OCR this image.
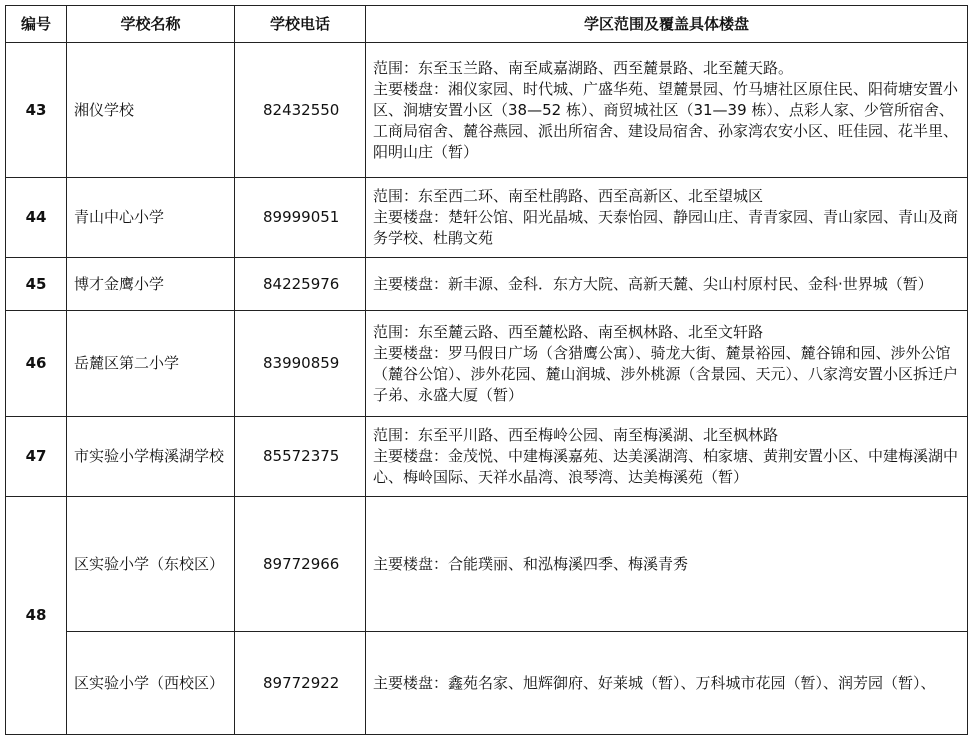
编号	学校名称	学校电话	学区范围及覆盖具体楼盘
43	湘仪学校	82432550	范围：东至玉兰路、南至咸嘉湖路、西至麓景路、北至麓天路。
主要楼盘：湘仪家园、时代城、广盛华苑、望麓景园、竹马塘社区原住民、阳荷塘安置小区、涧塘安置小区（38—52 栋）、商贸城社区（31—39 栋）、点彩人家、少管所宿舍、工商局宿舍、麓谷燕园、派出所宿舍、建设局宿舍、孙家湾农安小区、旺佳园、花半里、阳明山庄（暂）

44	青山中心小学	89999051	范围：东至西二环、南至杜鹃路、西至高新区、北至望城区
主要楼盘：楚轩公馆、阳光晶城、天泰怡园、静园山庄、青青家园、青山家园、青山及商务学校、杜鹃文苑

45	博才金鹰小学	84225976	主要楼盘：新丰源、金科．东方大院、高新天麓、尖山村原村民、金科·世界城（暂）

46	岳麓区第二小学	83990859	范围：东至麓云路、西至麓松路、南至枫林路、北至文轩路
主要楼盘：罗马假日广场（含猎鹰公寓）、骑龙大街、麓景裕园、麓谷锦和园、涉外公馆（麓谷公馆）、涉外花园、麓山润城、涉外桃源（含景园、天元）、八家湾安置小区拆迁户子弟、永盛大厦（暂）

47	市实验小学梅溪湖学校	85572375	范围：东至平川路、西至梅岭公园、南至梅溪湖、北至枫林路
主要楼盘：金茂悦、中建梅溪嘉苑、达美溪湖湾、柏家塘、黄荆安置小区、中建梅溪湖中心、梅岭国际、天祥水晶湾、浪琴湾、达美梅溪苑（暂）

48	区实验小学（东校区）	89772966	主要楼盘：合能璞丽、和泓梅溪四季、梅溪青秀

	区实验小学（西校区）	89772922	主要楼盘：鑫苑名家、旭辉御府、好莱城（暂）、万科城市花园（暂）、润芳园（暂）、
